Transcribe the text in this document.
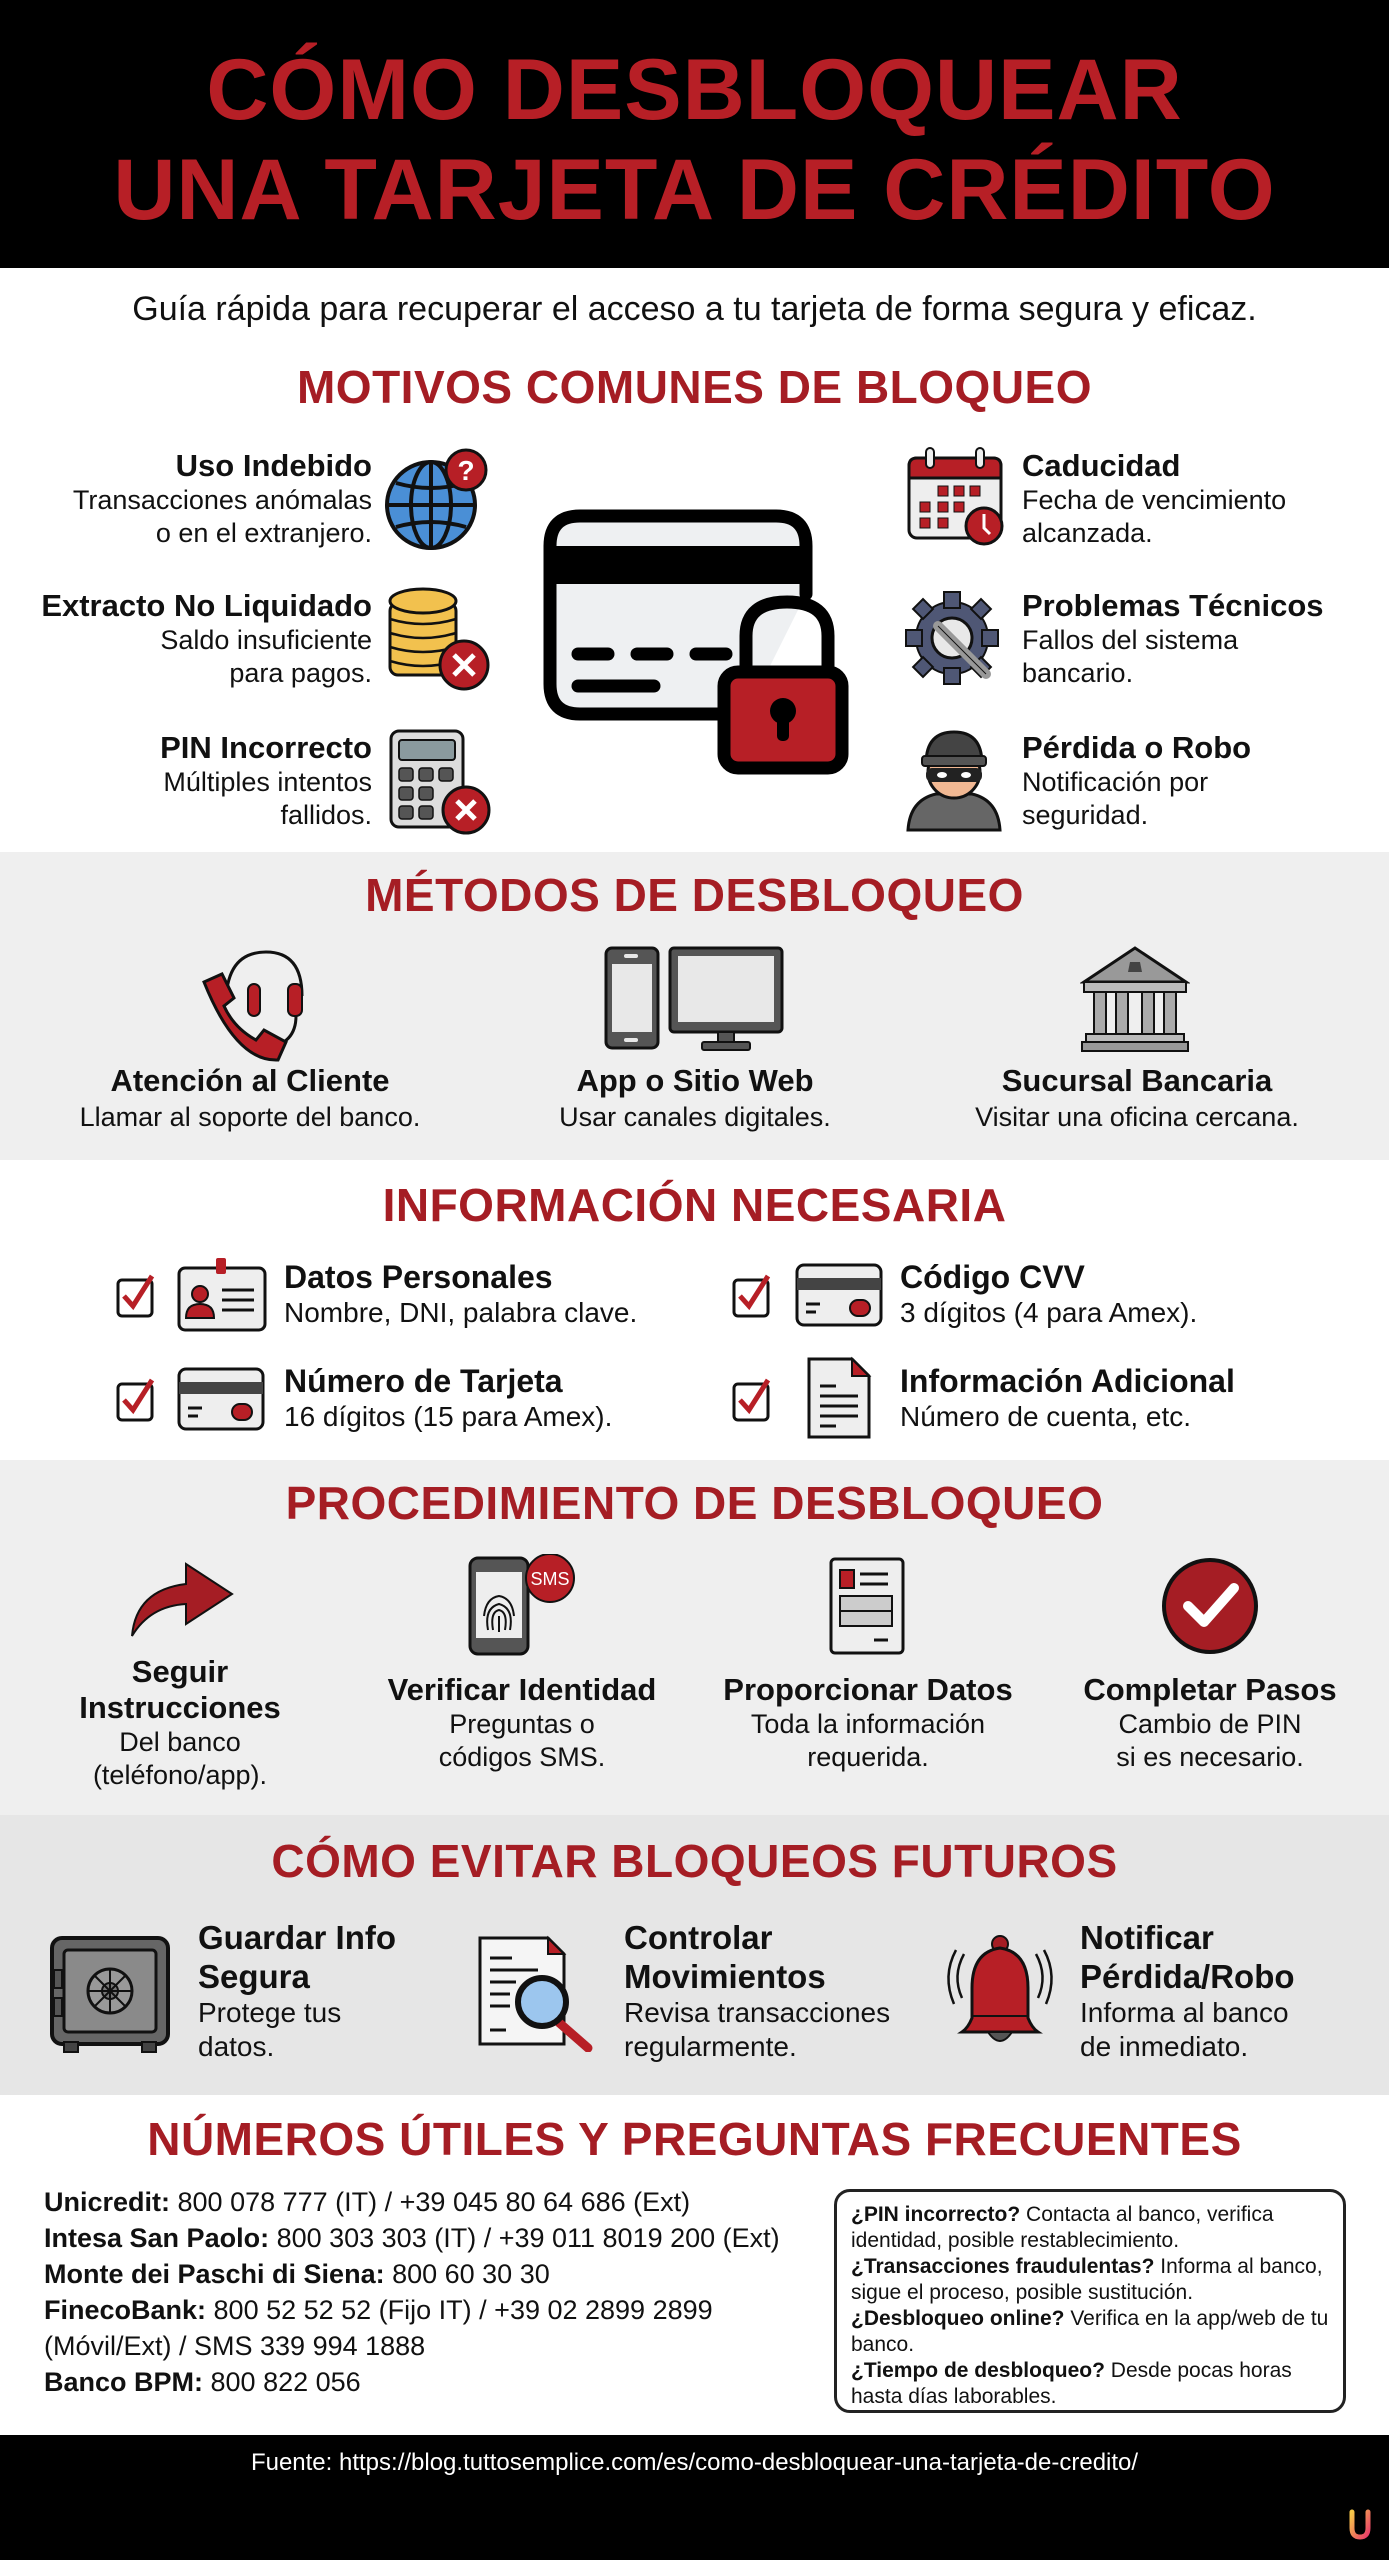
CÓMO DESBLOQUEAR
UNA TARJETA DE CRÉDITO
Guía rápida para recuperar el acceso a tu tarjeta de forma segura y eficaz.
MOTIVOS COMUNES DE BLOQUEO
Uso Indebido
Transacciones anómalas
o en el extranjero.
?
Extracto No Liquidado
Saldo insuficiente
para pagos.
PIN Incorrecto
Múltiples intentos
fallidos.
Caducidad
Fecha de vencimiento
alcanzada.
Problemas Técnicos
Fallos del sistema
bancario.
Pérdida o Robo
Notificación por
seguridad.
MÉTODOS DE DESBLOQUEO
Atención al Cliente
Llamar al soporte del banco.
App o Sitio Web
Usar canales digitales.
Sucursal Bancaria
Visitar una oficina cercana.
INFORMACIÓN NECESARIA
Datos Personales
Nombre, DNI, palabra clave.
Código CVV
3 dígitos (4 para Amex).
Número de Tarjeta
16 dígitos (15 para Amex).
Información Adicional
Número de cuenta, etc.
PROCEDIMIENTO DE DESBLOQUEO
Seguir
Instrucciones
Del banco
(teléfono/app).
SMS
Verificar Identidad
Preguntas o
códigos SMS.
Proporcionar Datos
Toda la información
requerida.
Completar Pasos
Cambio de PIN
si es necesario.
CÓMO EVITAR BLOQUEOS FUTUROS
Guardar Info
Segura
Protege tus
datos.
Controlar
Movimientos
Revisa transacciones
regularmente.
Notificar
Pérdida/Robo
Informa al banco
de inmediato.
NÚMEROS ÚTILES Y PREGUNTAS FRECUENTES
Unicredit: 800 078 777 (IT) / +39 045 80 64 686 (Ext)
Intesa San Paolo: 800 303 303 (IT) / +39 011 8019 200 (Ext)
Monte dei Paschi di Siena: 800 60 30 30
FinecoBank: 800 52 52 52 (Fijo IT) / +39 02 2899 2899 (Móvil/Ext) / SMS 339 994 1888
Banco BPM: 800 822 056
¿PIN incorrecto? Contacta al banco, verifica identidad, posible restablecimiento.
¿Transacciones fraudulentas? Informa al banco, sigue el proceso, posible sustitución.
¿Desbloqueo online? Verifica en la app/web de tu banco.
¿Tiempo de desbloqueo? Desde pocas horas hasta días laborables.
Fuente: https://blog.tuttosemplice.com/es/como-desbloquear-una-tarjeta-de-credito/
